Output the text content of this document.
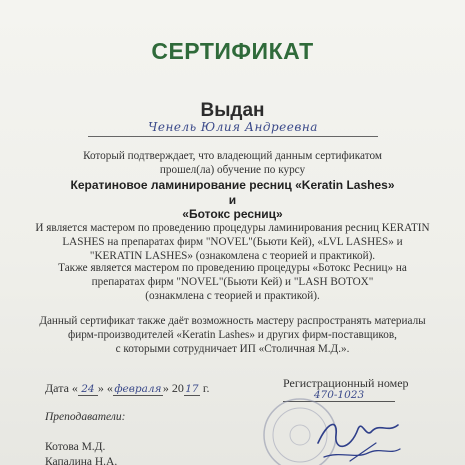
СЕРТИФИКАТ
Выдан
Ченель Юлия Андреевна
Который подтверждает, что владеющий данным сертификатом
прошел(ла) обучение по курсу
Кератиновое ламинирование ресниц «Keratin Lashes»
и
«Ботокс ресниц»
И является мастером по проведению процедуры ламинирования ресниц KERATIN
LASHES на препаратах фирм "NOVEL"(Бьюти Кей), «LVL LASHES» и
"KERATIN LASHES» (ознакомлена с теорией и практикой).
Также является мастером по проведению процедуры «Ботокс Ресниц» на
препаратах фирм "NOVEL"(Бьюти Кей) и "LASH BOTOX"
(ознакмлена с теорией и практикой).
Данный сертификат также даёт возможность мастеру распространять материалы
фирм-производителей «Keratin Lashes» и других фирм-поставщиков,
с которыми сотрудничает ИП «Столичная М.Д.».
Дата « 24 » «февраля» 2017 г.	Регистрационный номер
470-1023
Преподаватели:
Котова М.Д.
Капалина Н.А.
